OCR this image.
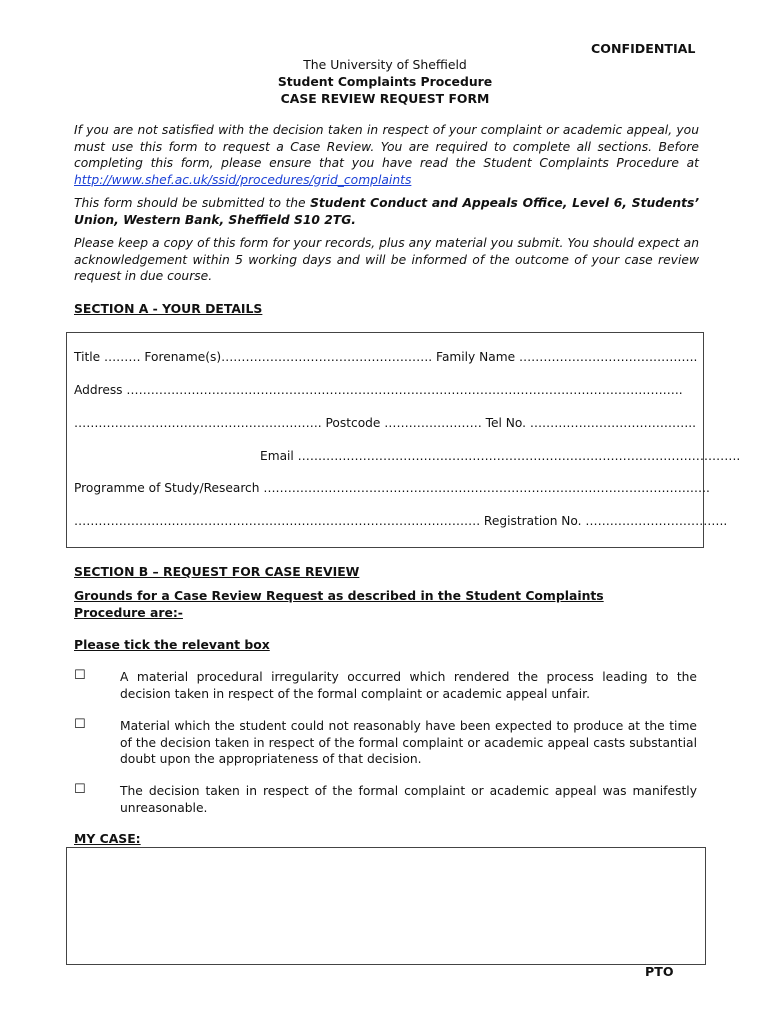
CONFIDENTIAL
The University of Sheffield
Student Complaints Procedure
CASE REVIEW REQUEST FORM
If you are not satisfied with the decision taken in respect of your complaint or academic appeal, you must use this form to request a Case Review. You are required to complete all sections. Before completing this form, please ensure that you have read the Student Complaints Procedure at http://www.shef.ac.uk/ssid/procedures/grid_complaints
This form should be submitted to the Student Conduct and Appeals Office, Level 6, Students’ Union, Western Bank, Sheffield S10 2TG.
Please keep a copy of this form for your records, plus any material you submit. You should expect an acknowledgement within 5 working days and will be informed of the outcome of your case review request in due course.
SECTION A - YOUR DETAILS
Title ……… Forename(s)……………………………………………. Family Name ……………………………………..
Address ………………………………………………………………………………………………………………………..
……………………………………………………. Postcode …………………… Tel No. …………………………………..
Email ……………………………………………………………………………………………….
Programme of Study/Research ………………………………………………………………………………………………..
………………………………………………………………………………………. Registration No. ……………………………..
SECTION B – REQUEST FOR CASE REVIEW
Grounds for a Case Review Request as described in the Student Complaints Procedure are:-
Please tick the relevant box
☐	A material procedural irregularity occurred which rendered the process leading to the decision taken in respect of the formal complaint or academic appeal unfair.
☐	Material which the student could not reasonably have been expected to produce at the time of the decision taken in respect of the formal complaint or academic appeal casts substantial doubt upon the appropriateness of that decision.
☐	The decision taken in respect of the formal complaint or academic appeal was manifestly unreasonable.
MY CASE:
PTO
